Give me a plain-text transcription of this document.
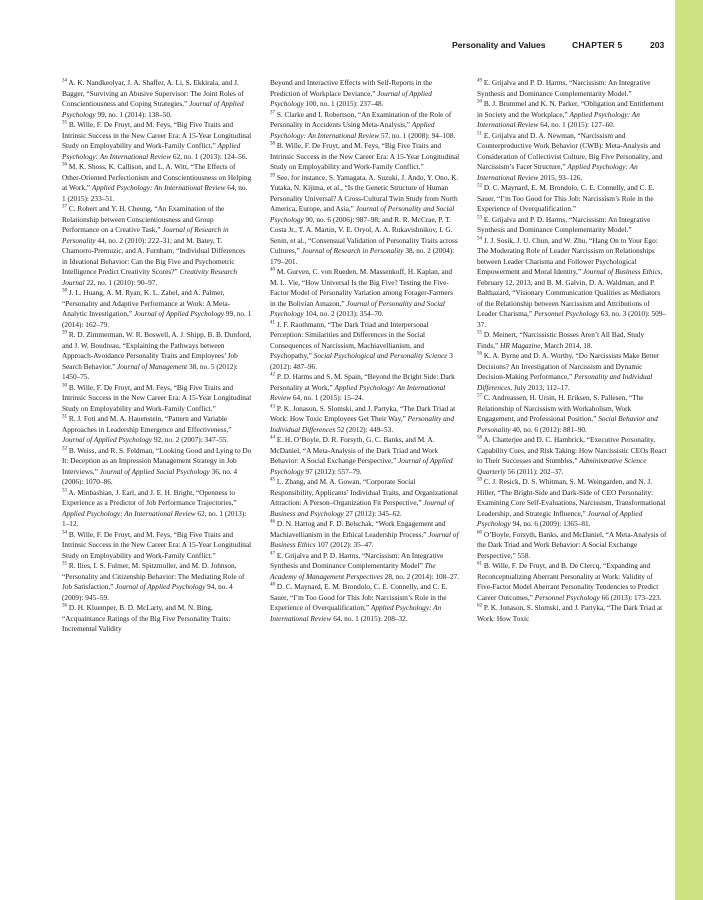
Personality and Values	CHAPTER 5	203

$^{34}$ A. K. Nandkeolyar, J. A. Shaffer, A. Li, S. Ekkirala, and J. Bagger, “Surviving an Abusive Supervisor: The Joint Roles of Conscientiousness and Coping Strategies,” Journal of Applied Psychology 99, no. 1 (2014): 138–50.

$^{35}$ B. Wille, F. De Fruyt, and M. Feys, “Big Five Traits and Intrinsic Success in the New Career Era: A 15-Year Longitudinal Study on Employability and Work-Family Conflict,” Applied Psychology: An International Review 62, no. 1 (2013): 124–56.

$^{36}$ M. K. Shoss, K. Callison, and L. A. Witt, “The Effects of Other-Oriented Perfectionism and Conscientiousness on Helping at Work,” Applied Psychology: An International Review 64, no. 1 (2015): 233–51.

$^{37}$ C. Robert and Y. H. Cheung, “An Examination of the Relationship between Conscientiousness and Group Performance on a Creative Task,” Journal of Research in Personality 44, no. 2 (2010): 222–31; and M. Batey, T. Chamorro-Premuzic, and A. Furnham, “Individual Differences in Ideational Behavior: Can the Big Five and Psychometric Intelligence Predict Creativity Scores?” Creativity Research Journal 22, no. 1 (2010): 90–97.

$^{38}$ J. L. Huang, A. M. Ryan, K. L. Zabel, and A. Palmer, “Personality and Adaptive Performance at Work: A Meta-Analytic Investigation,” Journal of Applied Psychology 99, no. 1 (2014): 162–79.

$^{39}$ R. D. Zimmerman, W. R. Boswell, A. J. Shipp, B. B. Dunford, and J. W. Boudreau, “Explaining the Pathways between Approach-Avoidance Personality Traits and Employees’ Job Search Behavior,” Journal of Management 38, no. 5 (2012): 1450–75.

$^{30}$ B. Wille, F. De Fruyt, and M. Feys, “Big Five Traits and Intrinsic Success in the New Career Era: A 15-Year Longitudinal Study on Employability and Work-Family Conflict.”

$^{31}$ R. J. Foti and M. A. Hauenstein, “Pattern and Variable Approaches in Leadership Emergence and Effectiveness,” Journal of Applied Psychology 92, no. 2 (2007): 347–55.

$^{32}$ B. Weiss, and R. S. Feldman, “Looking Good and Lying to Do It: Deception as an Impression Management Strategy in Job Interviews,” Journal of Applied Social Psychology 36, no. 4 (2006): 1070–86.

$^{33}$ A. Minbashian, J. Earl, and J. E. H. Bright, “Openness to Experience as a Predictor of Job Performance Trajectories,” Applied Psychology: An International Review 62, no. 1 (2013): 1–12.

$^{34}$ B. Wille, F. De Fruyt, and M. Feys, “Big Five Traits and Intrinsic Success in the New Career Era: A 15-Year Longitudinal Study on Employability and Work-Family Conflict.”

$^{35}$ R. Ilies, I. S. Fulmer, M. Spitzmuller, and M. D. Johnson, “Personality and Citizenship Behavior: The Mediating Role of Job Satisfaction,” Journal of Applied Psychology 94, no. 4 (2009): 945–59.

$^{36}$ D. H. Kluemper, B. D. McLarty, and M. N. Bing, “Acquaintance Ratings of the Big Five Personality Traits: Incremental Validity

Beyond and Interactive Effects with Self-Reports in the Prediction of Workplace Deviance,” Journal of Applied Psychology 100, no. 1 (2015): 237–48.

$^{37}$ S. Clarke and I. Robertson, “An Examination of the Role of Personality in Accidents Using Meta-Analysis,” Applied Psychology: An International Review 57, no. 1 (2008): 94–108.

$^{38}$ B. Wille, F. De Fruyt, and M. Feys, “Big Five Traits and Intrinsic Success in the New Career Era: A 15-Year Longitudinal Study on Employability and Work-Family Conflict.”

$^{39}$ See, for instance, S. Yamagata, A. Suzuki, J. Ando, Y. Ono, K. Yutaka, N. Kijima, et al., “Is the Genetic Structure of Human Personality Universal? A Cross-Cultural Twin Study from North America, Europe, and Asia,” Journal of Personality and Social Psychology 90, no. 6 (2006): 987–98; and R. R. McCrae, P. T. Costa Jr., T. A. Martin, V. E. Oryol, A. A. Rukavishnikov, I. G. Senin, et al., “Consensual Validation of Personality Traits across Cultures,” Journal of Research in Personality 38, no. 2 (2004): 179–201.

$^{40}$ M. Gurven, C. von Rueden, M. Massenkoff, H. Kaplan, and M. L. Vie, “How Universal Is the Big Five? Testing the Five-Factor Model of Personality Variation among Forager-Farmers in the Bolivian Amazon,” Journal of Personality and Social Psychology 104, no. 2 (2013): 354–70.

$^{41}$ J. F. Rauthmann, “The Dark Triad and Interpersonal Perception: Similarities and Differences in the Social Consequences of Narcissism, Machiavellianism, and Psychopathy,” Social Psychological and Personality Science 3 (2012): 487–96.

$^{42}$ P. D. Harms and S. M. Spain, “Beyond the Bright Side: Dark Personality at Work,” Applied Psychology: An International Review 64, no. 1 (2015): 15–24.

$^{43}$ P. K. Jonason, S. Slomski, and J. Partyka, “The Dark Triad at Work: How Toxic Employees Get Their Way,” Personality and Individual Differences 52 (2012): 449–53.

$^{44}$ E. H. O’Boyle, D. R. Forsyth, G. C. Banks, and M. A. McDaniel, “A Meta-Analysis of the Dark Triad and Work Behavior: A Social Exchange Perspective,” Journal of Applied Psychology 97 (2012): 557–79.

$^{45}$ L. Zhang, and M. A. Gowan, “Corporate Social Responsibility, Applicants’ Individual Traits, and Organizational Attraction: A Person–Organization Fit Perspective,” Journal of Business and Psychology 27 (2012): 345–62.

$^{46}$ D. N. Hartog and F. D. Belschak, “Work Engagement and Machiavellianism in the Ethical Leadership Process,” Journal of Business Ethics 107 (2012): 35–47.

$^{47}$ E. Grijalva and P. D. Harms, “Narcissism: An Integrative Synthesis and Dominance Complementarity Model” The Academy of Management Perspectives 28, no. 2 (2014): 108–27.

$^{48}$ D. C. Maynard, E. M. Brondolo, C. E. Connelly, and C. E. Sauer, “I’m Too Good for This Job: Narcissism’s Role in the Experience of Overqualification,” Applied Psychology: An International Review 64, no. 1 (2015): 208–32.

$^{49}$ E. Grijalva and P. D. Harms, “Narcissism: An Integrative Synthesis and Dominance Complementarity Model.”

$^{50}$ B. J. Brummel and K. N. Parker, “Obligation and Entitlement in Society and the Workplace,” Applied Psychology: An International Review 64, no. 1 (2015): 127–60.

$^{51}$ E. Grijalva and D. A. Newman, “Narcissism and Counterproductive Work Behavior (CWB): Meta-Analysis and Consideration of Collectivist Culture, Big Five Personality, and Narcissism’s Facet Structure,” Applied Psychology: An International Review 2015, 93–126.

$^{52}$ D. C. Maynard, E. M. Brondolo, C. E. Connelly, and C. E. Sauer, “I’m Too Good for This Job: Narcissism’s Role in the Experience of Overqualification.”

$^{53}$ E. Grijalva and P. D. Harms, “Narcissism: An Integrative Synthesis and Dominance Complementarity Model.”

$^{54}$ J. J. Sosik, J. U. Chun, and W. Zhu, “Hang On to Your Ego: The Moderating Role of Leader Narcissism on Relationships between Leader Charisma and Follower Psychological Empowerment and Moral Identity,” Journal of Business Ethics, February 12, 2013, and B. M. Galvin, D. A. Waldman, and P. Balthazard, “Visionary Communication Qualities as Mediators of the Relationship between Narcissism and Attributions of Leader Charisma,” Personnel Psychology 63, no. 3 (2010): 509–37.

$^{55}$ D. Meinert, “Narcissistic Bosses Aren’t All Bad, Study Finds,” HR Magazine, March 2014, 18.

$^{56}$ K. A. Byrne and D. A. Worthy, “Do Narcissists Make Better Decisions? An Investigation of Narcissism and Dynamic Decision-Making Performance,” Personality and Individual Differences, July 2013, 112–17.

$^{57}$ C. Andreassen, H. Ursin, H. Eriksen, S. Pallesen, “The Relationship of Narcissism with Workaholism, Work Engagement, and Professional Position,” Social Behavior and Personality 40, no. 6 (2012): 881–90.

$^{58}$ A. Chatterjee and D. C. Hambrick, “Executive Personality, Capability Cues, and Risk Taking: How Narcissistic CEOs React to Their Successes and Stumbles,” Administrative Science Quarterly 56 (2011): 202–37.

$^{59}$ C. J. Resick, D. S. Whitman, S. M. Weingarden, and N. J. Hiller, “The Bright-Side and Dark-Side of CEO Personality: Examining Core Self-Evaluations, Narcissism, Transformational Leadership, and Strategic Influence,” Journal of Applied Psychology 94, no. 6 (2009): 1365–81.

$^{60}$ O’Boyle, Forsyth, Banks, and McDaniel, “A Meta-Analysis of the Dark Triad and Work Behavior: A Social Exchange Perspective,” 558.

$^{61}$ B. Wille, F. De Fruyt, and B. De Clercq, “Expanding and Reconceptualizing Aberrant Personality at Work: Validity of Five-Factor Model Aberrant Personality Tendencies to Predict Career Outcomes,” Personnel Psychology 66 (2013): 173–223.

$^{62}$ P. K. Jonason, S. Slomski, and J. Partyka, “The Dark Triad at Work: How Toxic
